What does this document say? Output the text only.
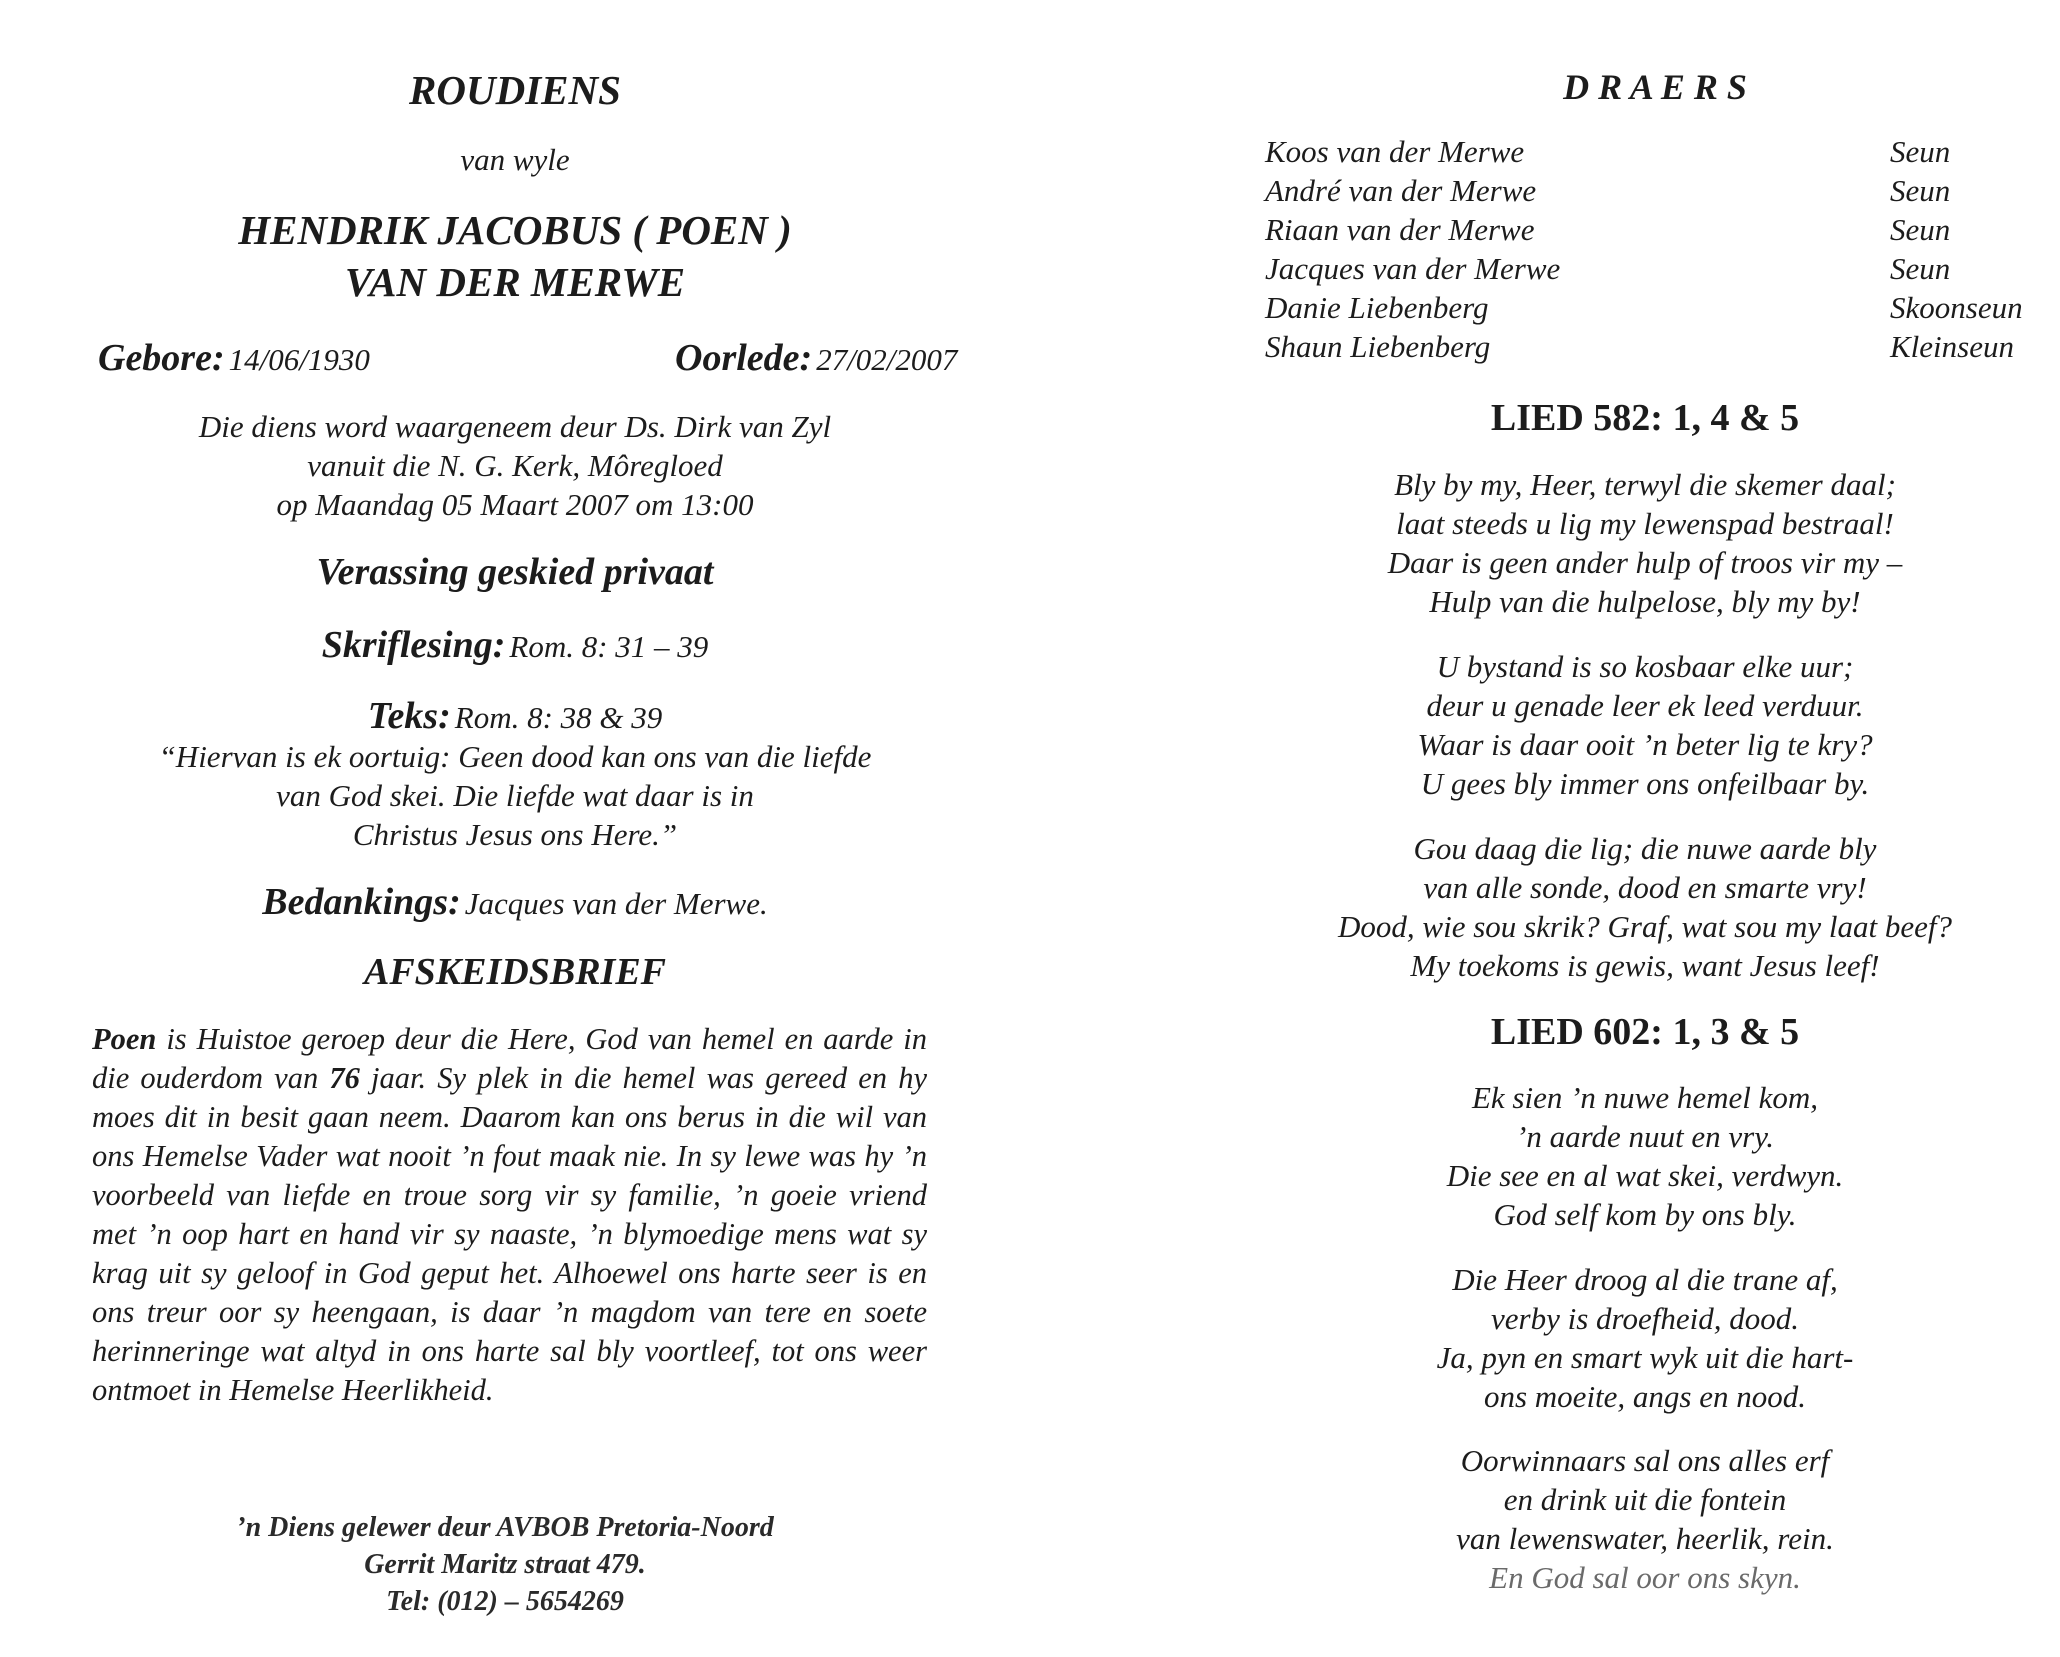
ROUDIENS
van wyle
HENDRIK JACOBUS ( POEN )
VAN DER MERWE
Gebore: 14/06/1930	Oorlede: 27/02/2007
Die diens word waargeneem deur Ds. Dirk van Zyl
vanuit die N. G. Kerk, Môregloed
op Maandag 05 Maart 2007 om 13:00
Verassing geskied privaat
Skriflesing: Rom. 8: 31 – 39
Teks: Rom. 8: 38 & 39
“Hiervan is ek oortuig: Geen dood kan ons van die liefde
van God skei. Die liefde wat daar is in
Christus Jesus ons Here.”
Bedankings: Jacques van der Merwe.
AFSKEIDSBRIEF

Poen is Huistoe geroep deur die Here, God van hemel en aarde in die ouderdom van 76 jaar. Sy plek in die hemel was gereed en hy moes dit in besit gaan neem. Daarom kan ons berus in die wil van ons Hemelse Vader wat nooit ’n fout maak nie. In sy lewe was hy ’n voorbeeld van liefde en troue sorg vir sy familie, ’n goeie vriend met ’n oop hart en hand vir sy naaste, ’n blymoedige mens wat sy krag uit sy geloof in God geput het. Alhoewel ons harte seer is en ons treur oor sy heengaan, is daar ’n magdom van tere en soete herinneringe wat altyd in ons harte sal bly voortleef, tot ons weer ontmoet in Hemelse Heerlikheid.

’n Diens gelewer deur AVBOB Pretoria-Noord
Gerrit Maritz straat 479.
Tel: (012) – 5654269
D R A E R S
Koos van der Merwe	Seun
André van der Merwe	Seun
Riaan van der Merwe	Seun
Jacques van der Merwe	Seun
Danie Liebenberg	Skoonseun
Shaun Liebenberg	Kleinseun
LIED 582: 1, 4 & 5
Bly by my, Heer, terwyl die skemer daal;
laat steeds u lig my lewenspad bestraal!
Daar is geen ander hulp of troos vir my –
Hulp van die hulpelose, bly my by!
U bystand is so kosbaar elke uur;
deur u genade leer ek leed verduur.
Waar is daar ooit ’n beter lig te kry?
U gees bly immer ons onfeilbaar by.
Gou daag die lig; die nuwe aarde bly
van alle sonde, dood en smarte vry!
Dood, wie sou skrik? Graf, wat sou my laat beef?
My toekoms is gewis, want Jesus leef!
LIED 602: 1, 3 & 5
Ek sien ’n nuwe hemel kom,
’n aarde nuut en vry.
Die see en al wat skei, verdwyn.
God self kom by ons bly.
Die Heer droog al die trane af,
verby is droefheid, dood.
Ja, pyn en smart wyk uit die hart-
ons moeite, angs en nood.
Oorwinnaars sal ons alles erf
en drink uit die fontein
van lewenswater, heerlik, rein.
En God sal oor ons skyn.
